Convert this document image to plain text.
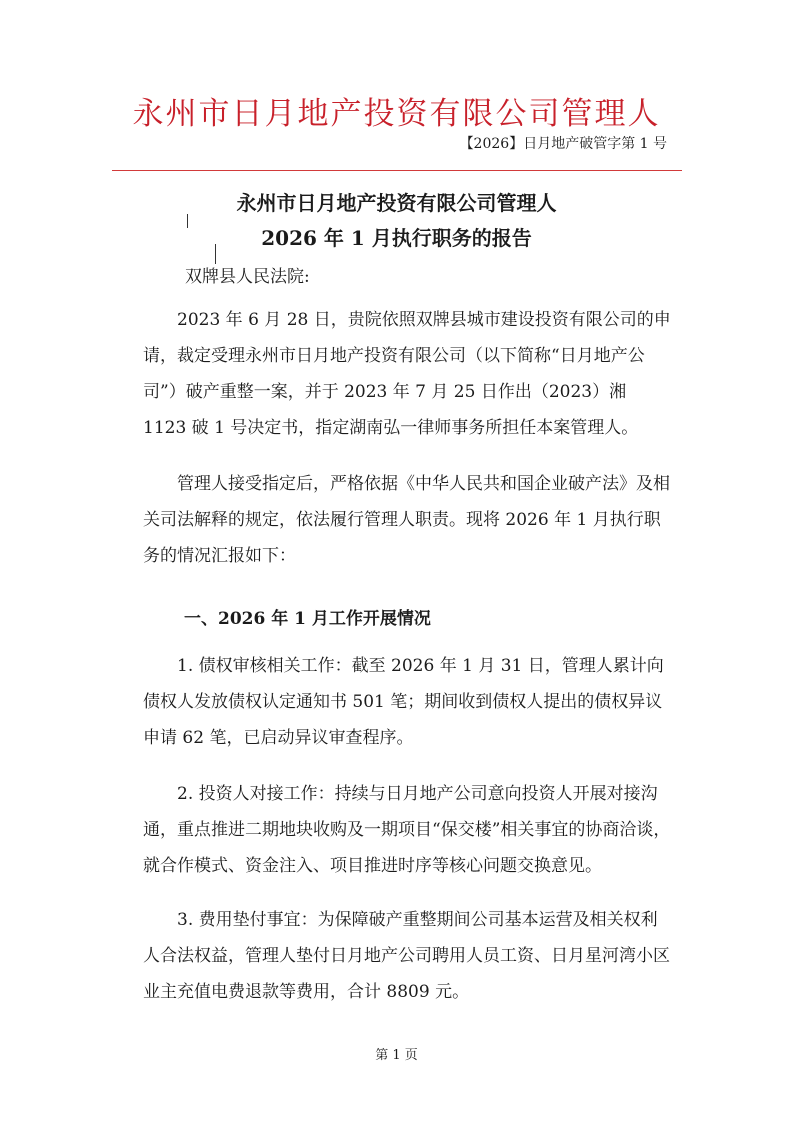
永州市日月地产投资有限公司管理人
【2026】日月地产破管字第 1 号
永州市日月地产投资有限公司管理人
2026 年 1 月执行职务的报告
双牌县人民法院:
2023 年 6 月 28 日，贵院依照双牌县城市建设投资有限公司的申请，裁定受理永州市日月地产投资有限公司（以下简称“日月地产公司”）破产重整一案，并于 2023 年 7 月 25 日作出（2023）湘 1123 破 1 号决定书，指定湖南弘一律师事务所担任本案管理人。
管理人接受指定后，严格依据《中华人民共和国企业破产法》及相关司法解释的规定，依法履行管理人职责。现将 2026 年 1 月执行职务的情况汇报如下：
一、2026 年 1 月工作开展情况
1. 债权审核相关工作：截至 2026 年 1 月 31 日，管理人累计向债权人发放债权认定通知书 501 笔；期间收到债权人提出的债权异议申请 62 笔，已启动异议审查程序。
2. 投资人对接工作：持续与日月地产公司意向投资人开展对接沟通，重点推进二期地块收购及一期项目“保交楼”相关事宜的协商洽谈，就合作模式、资金注入、项目推进时序等核心问题交换意见。
3. 费用垫付事宜：为保障破产重整期间公司基本运营及相关权利人合法权益，管理人垫付日月地产公司聘用人员工资、日月星河湾小区业主充值电费退款等费用，合计 8809 元。
第 1 页
